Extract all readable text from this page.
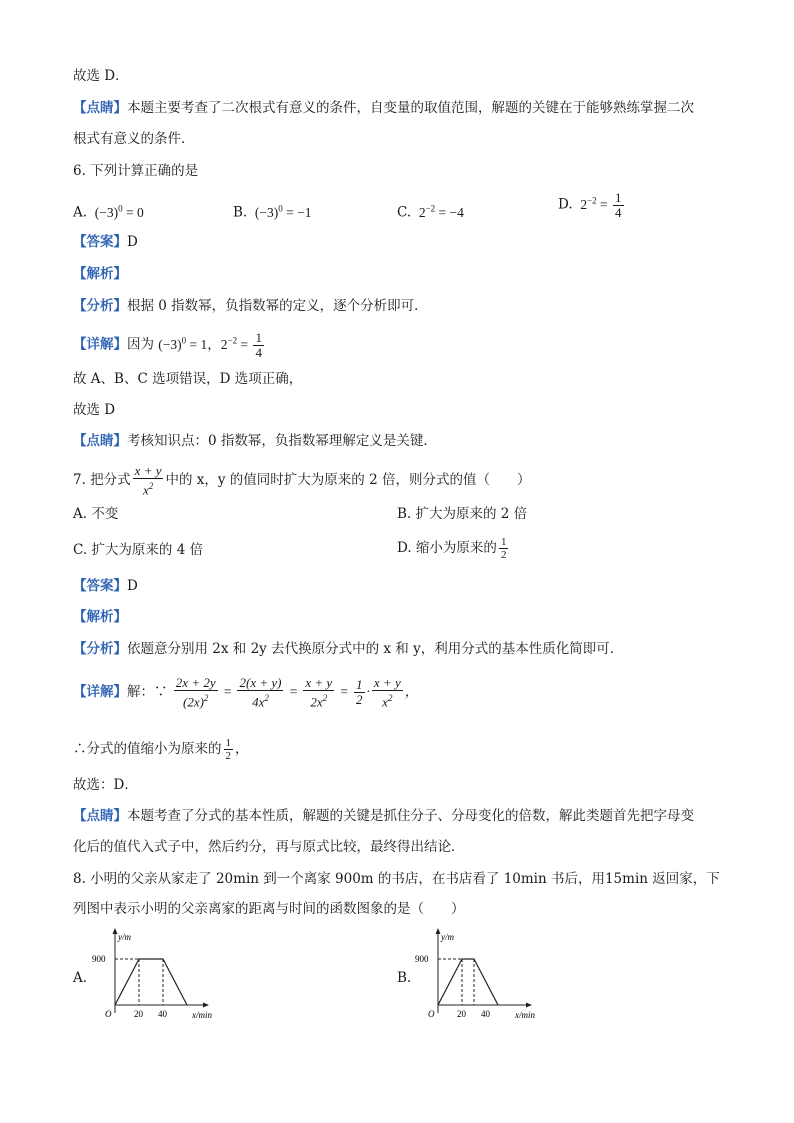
故选 D．
【点睛】本题主要考查了二次根式有意义的条件，自变量的取值范围，解题的关键在于能够熟练掌握二次
根式有意义的条件．
6. 下列计算正确的是
A.  $(-3)^0 = 0$	B.  $(-3)^0 = -1$	C.  $2^{-2} = -4$	D.  $2^{-2} = \frac{1}{4}$
【答案】D
【解析】
【分析】根据 0 指数幂，负指数幂的定义，逐个分析即可．
【详解】因为 $(-3)^0 = 1$，$2^{-2} = \frac{1}{4}$
故 A、B、C 选项错误，D 选项正确，
故选 D
【点睛】考核知识点：0 指数幂，负指数幂理解定义是关键．
7. 把分式 $\frac{x + y}{x^2}$ 中的 x，y 的值同时扩大为原来的 2 倍，则分式的值（　　）
A. 不变	B. 扩大为原来的 2 倍
C. 扩大为原来的 4 倍	D. 缩小为原来的 $\frac{1}{2}$
【答案】D
【解析】
【分析】依题意分别用 2x 和 2y 去代换原分式中的 x 和 y，利用分式的基本性质化简即可．
【详解】解：∵ $\frac{2x + 2y}{(2x)^2} = \frac{2(x + y)}{4x^2} = \frac{x + y}{2x^2} = \frac{1}{2} \cdot \frac{x + y}{x^2}$ ，
∴分式的值缩小为原来的 $\frac{1}{2}$ ，
故选：D．
【点睛】本题考查了分式的基本性质，解题的关键是抓住分子、分母变化的倍数，解此类题首先把字母变
化后的值代入式子中，然后约分，再与原式比较，最终得出结论．
8. 小明的父亲从家走了 20min 到一个离家 900m 的书店，在书店看了 10min 书后，用15min 返回家，下
列图中表示小明的父亲离家的距离与时间的函数图象的是（　　）
A.
y/m
900
O	20 40	x/min
B.
y/m
900
O	20 40	x/min
